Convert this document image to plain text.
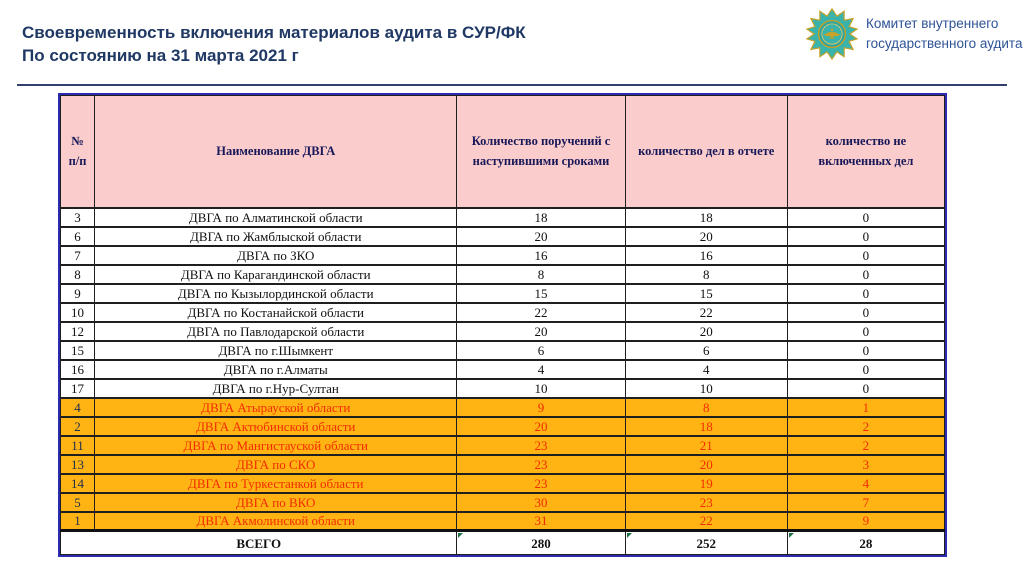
Своевременность включения материалов аудита в СУР/ФК
По состоянию на 31 марта 2021 г
Комитет внутреннего
государственного аудита
№ п/п	Наименование ДВГА	Количество поручений с наступившими сроками	количество дел в отчете	количество не включенных дел
3	ДВГА по Алматинской области	18	18	0
6	ДВГА по Жамблыской области	20	20	0
7	ДВГА по ЗКО	16	16	0
8	ДВГА по Карагандинской области	8	8	0
9	ДВГА по Кызылординской области	15	15	0
10	ДВГА по Костанайской области	22	22	0
12	ДВГА по Павлодарской области	20	20	0
15	ДВГА по г.Шымкент	6	6	0
16	ДВГА по г.Алматы	4	4	0
17	ДВГА по г.Нур-Султан	10	10	0
4	ДВГА Атырауской области	9	8	1
2	ДВГА Актюбинской области	20	18	2
11	ДВГА по Мангистауской области	23	21	2
13	ДВГА по СКО	23	20	3
14	ДВГА по Туркестанкой области	23	19	4
5	ДВГА по ВКО	30	23	7
1	ДВГА Акмолинской области	31	22	9
ВСЕГО		280	252	28
